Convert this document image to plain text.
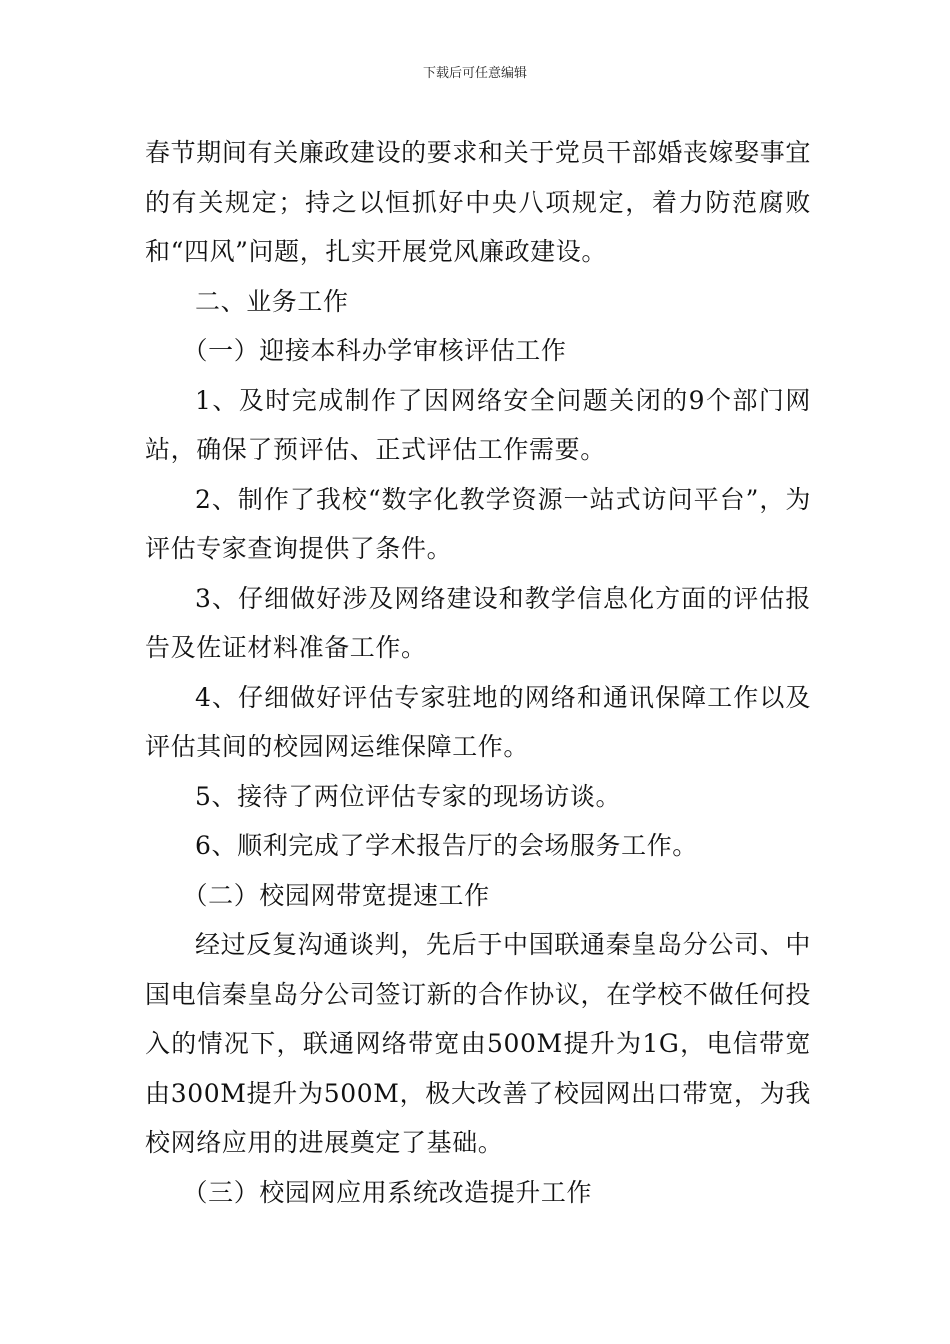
下载后可任意编辑

春节期间有关廉政建设的要求和关于党员干部婚丧嫁娶事宜的有关规定；持之以恒抓好中央八项规定，着力防范腐败和“四风”问题，扎实开展党风廉政建设。

二、业务工作

（一）迎接本科办学审核评估工作

1、及时完成制作了因网络安全问题关闭的9个部门网站，确保了预评估、正式评估工作需要。

2、制作了我校“数字化教学资源一站式访问平台”，为评估专家查询提供了条件。

3、仔细做好涉及网络建设和教学信息化方面的评估报告及佐证材料准备工作。

4、仔细做好评估专家驻地的网络和通讯保障工作以及评估其间的校园网运维保障工作。

5、接待了两位评估专家的现场访谈。

6、顺利完成了学术报告厅的会场服务工作。

（二）校园网带宽提速工作

经过反复沟通谈判，先后于中国联通秦皇岛分公司、中国电信秦皇岛分公司签订新的合作协议，在学校不做任何投入的情况下，联通网络带宽由500M提升为1G，电信带宽由300M提升为500M，极大改善了校园网出口带宽，为我校网络应用的进展奠定了基础。

（三）校园网应用系统改造提升工作
